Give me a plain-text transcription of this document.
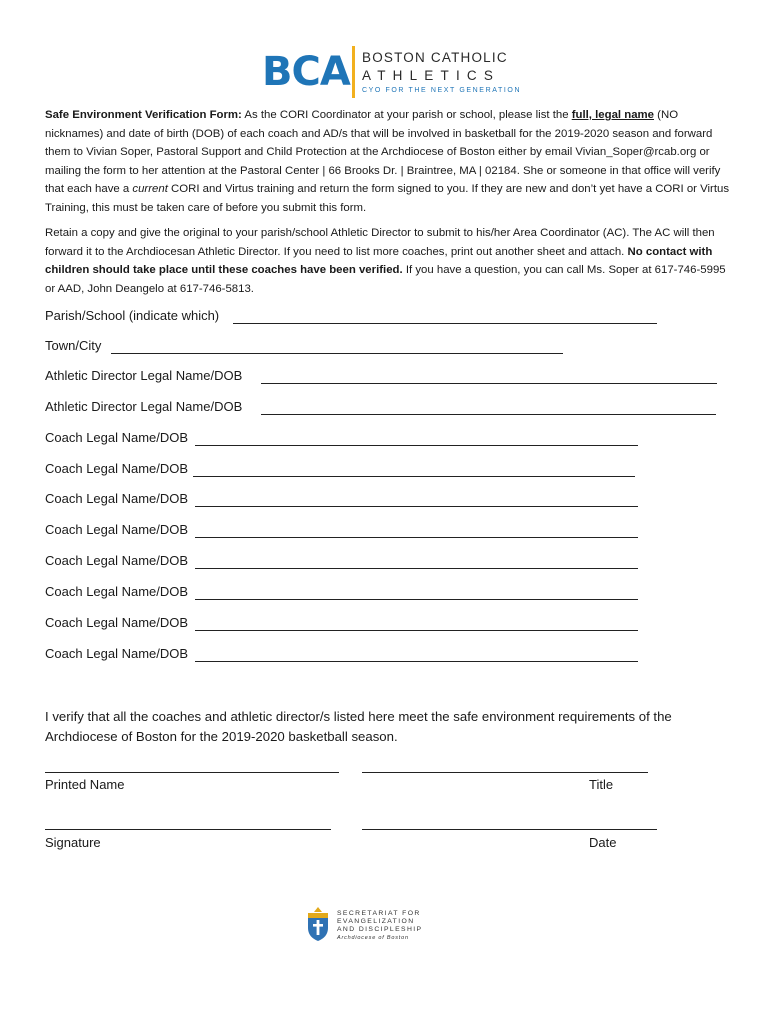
BCA BOSTON CATHOLIC
ATHLETICS
CYO FOR THE NEXT GENERATION

Safe Environment Verification Form: As the CORI Coordinator at your parish or school, please list the full, legal name (NO nicknames) and date of birth (DOB) of each coach and AD/s that will be involved in basketball for the 2019-2020 season and forward them to Vivian Soper, Pastoral Support and Child Protection at the Archdiocese of Boston either by email Vivian_Soper@rcab.org or mailing the form to her attention at the Pastoral Center | 66 Brooks Dr. | Braintree, MA | 02184. She or someone in that office will verify that each have a current CORI and Virtus training and return the form signed to you. If they are new and don’t yet have a CORI or Virtus Training, this must be taken care of before you submit this form.

Retain a copy and give the original to your parish/school Athletic Director to submit to his/her Area Coordinator (AC). The AC will then forward it to the Archdiocesan Athletic Director. If you need to list more coaches, print out another sheet and attach. No contact with children should take place until these coaches have been verified. If you have a question, you can call Ms. Soper at 617-746-5995 or AAD, John Deangelo at 617-746-5813.

Parish/School (indicate which)
Town/City
Athletic Director Legal Name/DOB
Athletic Director Legal Name/DOB
Coach Legal Name/DOB
Coach Legal Name/DOB
Coach Legal Name/DOB
Coach Legal Name/DOB
Coach Legal Name/DOB
Coach Legal Name/DOB
Coach Legal Name/DOB
Coach Legal Name/DOB
I verify that all the coaches and athletic director/s listed here meet the safe environment requirements of the Archdiocese of Boston for the 2019-2020 basketball season.
Printed Name	Title
Signature	Date
SECRETARIAT FOR
EVANGELIZATION
AND DISCIPLESHIP
Archdiocese of Boston
